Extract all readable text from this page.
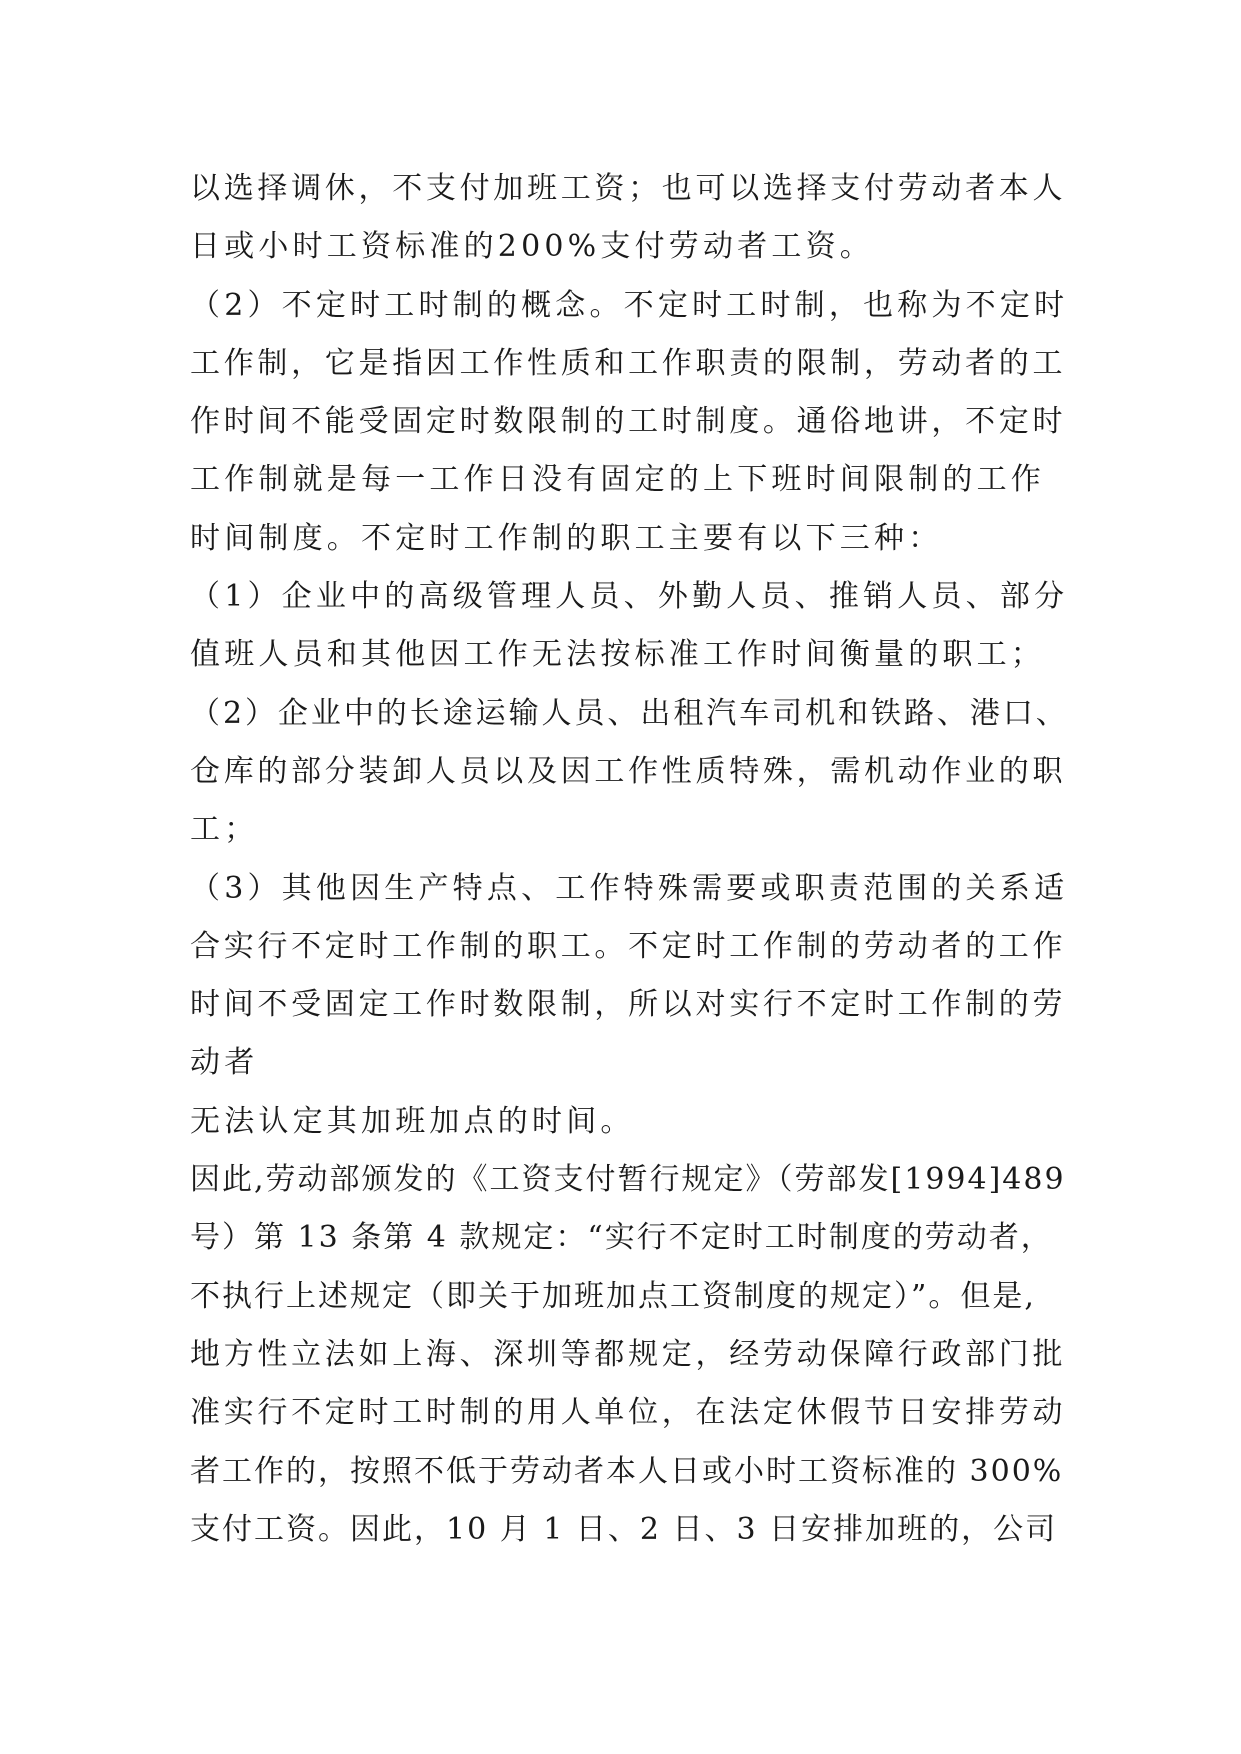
以选择调休，不支付加班工资；也可以选择支付劳动者本人
日或小时工资标准的200%支付劳动者工资。
（2）不定时工时制的概念。不定时工时制，也称为不定时
工作制，它是指因工作性质和工作职责的限制，劳动者的工
作时间不能受固定时数限制的工时制度。通俗地讲，不定时
工作制就是每一工作日没有固定的上下班时间限制的工作
时间制度。不定时工作制的职工主要有以下三种：
（1）企业中的高级管理人员、外勤人员、推销人员、部分
值班人员和其他因工作无法按标准工作时间衡量的职工；
（2）企业中的长途运输人员、出租汽车司机和铁路、港口、
仓库的部分装卸人员以及因工作性质特殊，需机动作业的职
工；
（3）其他因生产特点、工作特殊需要或职责范围的关系适
合实行不定时工作制的职工。不定时工作制的劳动者的工作
时间不受固定工作时数限制，所以对实行不定时工作制的劳
动者
无法认定其加班加点的时间。
因此,劳动部颁发的《工资支付暂行规定》（劳部发[1994]489
号）第 13 条第 4 款规定：“实行不定时工时制度的劳动者，
不执行上述规定（即关于加班加点工资制度的规定）”。但是,
地方性立法如上海、深圳等都规定，经劳动保障行政部门批
准实行不定时工时制的用人单位，在法定休假节日安排劳动
者工作的，按照不低于劳动者本人日或小时工资标准的 300%
支付工资。因此，10 月 1 日、2 日、3 日安排加班的，公司
